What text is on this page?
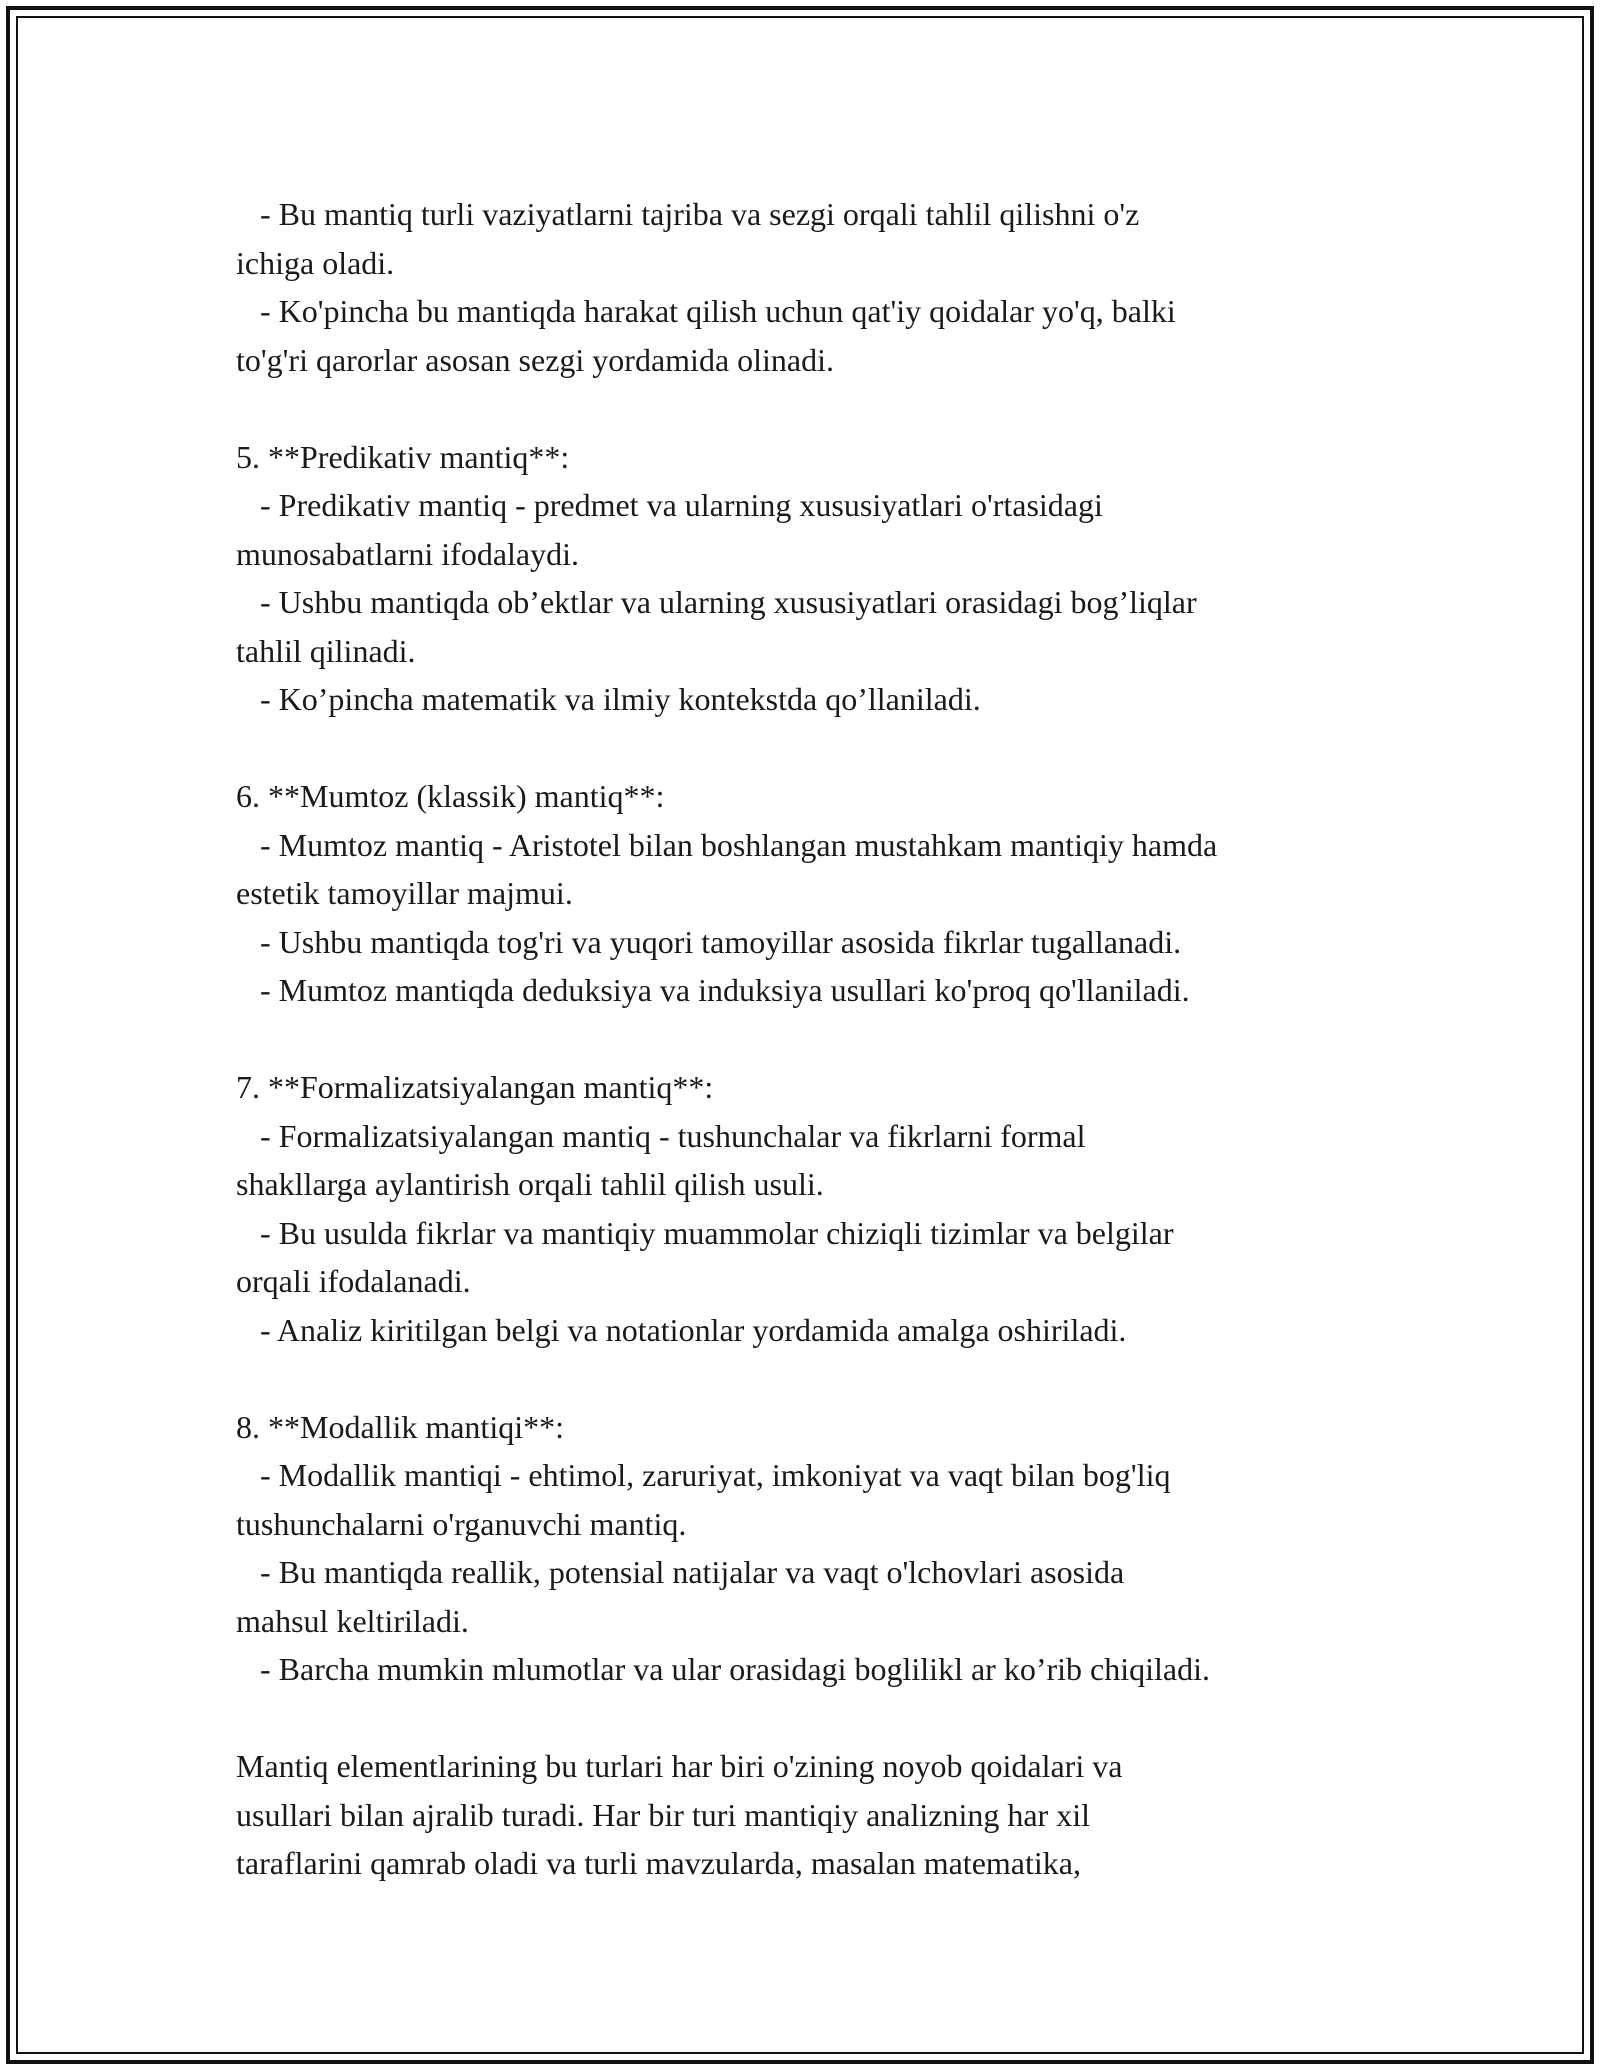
- Bu mantiq turli vaziyatlarni tajriba va sezgi orqali tahlil qilishni o'z
ichiga oladi.
- Ko'pincha bu mantiqda harakat qilish uchun qat'iy qoidalar yo'q, balki
to'g'ri qarorlar asosan sezgi yordamida olinadi.
5. **Predikativ mantiq**:
- Predikativ mantiq - predmet va ularning xususiyatlari o'rtasidagi
munosabatlarni ifodalaydi.
- Ushbu mantiqda ob’ektlar va ularning xususiyatlari orasidagi bog’liqlar
tahlil qilinadi.
- Ko’pincha matematik va ilmiy kontekstda qo’llaniladi.
6. **Mumtoz (klassik) mantiq**:
- Mumtoz mantiq - Aristotel bilan boshlangan mustahkam mantiqiy hamda
estetik tamoyillar majmui.
- Ushbu mantiqda tog'ri va yuqori tamoyillar asosida fikrlar tugallanadi.
- Mumtoz mantiqda deduksiya va induksiya usullari ko'proq qo'llaniladi.
7. **Formalizatsiyalangan mantiq**:
- Formalizatsiyalangan mantiq - tushunchalar va fikrlarni formal
shakllarga aylantirish orqali tahlil qilish usuli.
- Bu usulda fikrlar va mantiqiy muammolar chiziqli tizimlar va belgilar
orqali ifodalanadi.
- Analiz kiritilgan belgi va notationlar yordamida amalga oshiriladi.
8. **Modallik mantiqi**:
- Modallik mantiqi - ehtimol, zaruriyat, imkoniyat va vaqt bilan bog'liq
tushunchalarni o'rganuvchi mantiq.
- Bu mantiqda reallik, potensial natijalar va vaqt o'lchovlari asosida
mahsul keltiriladi.
- Barcha mumkin mlumotlar va ular orasidagi boglilikl ar ko’rib chiqiladi.
Mantiq elementlarining bu turlari har biri o'zining noyob qoidalari va
usullari bilan ajralib turadi. Har bir turi mantiqiy analizning har xil
taraflarini qamrab oladi va turli mavzularda, masalan matematika,
